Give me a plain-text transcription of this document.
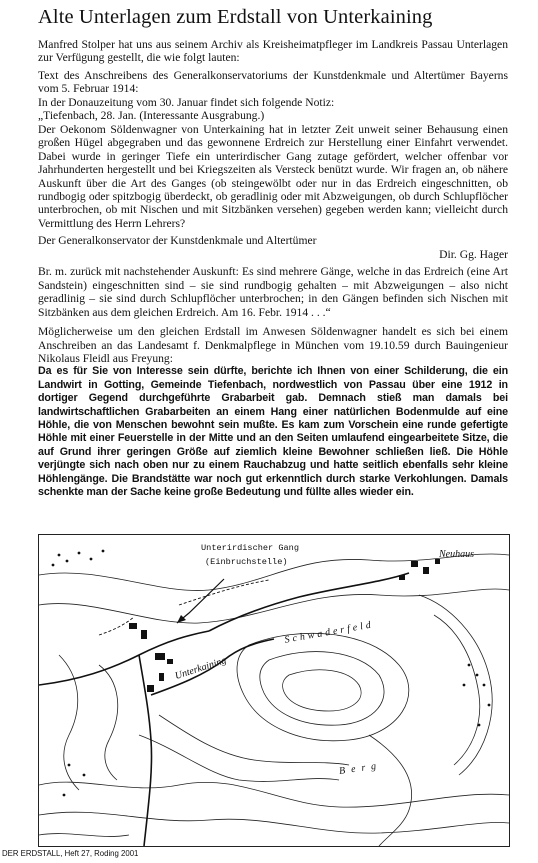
Alte Unterlagen zum Erdstall von Unterkaining

Manfred Stolper hat uns aus seinem Archiv als Kreisheimatpfleger im Landkreis Passau Unterlagen zur Verfügung gestellt, die wie folgt lauten:

Text des Anschreibens des Generalkonservatoriums der Kunstdenkmale und Altertümer Bayerns vom 5. Februar 1914:

In der Donauzeitung vom 30. Januar findet sich folgende Notiz:

„Tiefenbach, 28. Jan. (Interessante Ausgrabung.)

Der Oekonom Söldenwagner von Unterkaining hat in letzter Zeit unweit seiner Behausung einen großen Hügel abgegraben und das gewonnene Erdreich zur Herstellung einer Einfahrt verwendet. Dabei wurde in geringer Tiefe ein unterirdischer Gang zutage gefördert, welcher offenbar vor Jahrhunderten hergestellt und bei Kriegszeiten als Versteck benützt wurde. Wir fragen an, ob nähere Auskunft über die Art des Ganges (ob steingewölbt oder nur in das Erdreich eingeschnitten, ob rundbogig oder spitzbogig überdeckt, ob geradlinig oder mit Abzweigungen, ob durch Schlupflöcher unterbrochen, ob mit Nischen und mit Sitzbänken versehen) gegeben werden kann; vielleicht durch Vermittlung des Herrn Lehrers?

Der Generalkonservator der Kunstdenkmale und Altertümer

Dir. Gg. Hager

Br. m. zurück mit nachstehender Auskunft: Es sind mehrere Gänge, welche in das Erdreich (eine Art Sandstein) eingeschnitten sind – sie sind rundbogig gehalten – mit Abzweigungen – also nicht geradlinig – sie sind durch Schlupflöcher unterbrochen; in den Gängen befinden sich Nischen mit Sitzbänken aus dem gleichen Erdreich. Am 16. Febr. 1914 . . .“

Möglicherweise um den gleichen Erdstall im Anwesen Söldenwagner handelt es sich bei einem Anschreiben an das Landesamt f. Denkmalpflege in München vom 19.10.59 durch Bauingenieur Nikolaus Fleidl aus Freyung:

Da es für Sie von Interesse sein dürfte, berichte ich Ihnen von einer Schilderung, die ein Landwirt in Gotting, Gemeinde Tiefenbach, nordwestlich von Passau über eine 1912 in dortiger Gegend durchgeführte Grabarbeit gab. Demnach stieß man damals bei landwirtschaftlichen Grabarbeiten an einem Hang einer natürlichen Bodenmulde auf eine Höhle, die von Menschen bewohnt sein mußte. Es kam zum Vorschein eine runde gefertigte Höhle mit einer Feuerstelle in der Mitte und an den Seiten umlaufend eingearbeitete Sitze, die auf Grund ihrer geringen Größe auf ziemlich kleine Bewohner schließen ließ. Die Höhle verjüngte sich nach oben nur zu einem Rauchabzug und hatte seitlich ebenfalls sehr kleine Höhlengänge. Die Brandstätte war noch gut erkenntlich durch starke Verkohlungen. Damals schenkte man der Sache keine große Bedeutung und füllte alles wieder ein.

Unterirdischer Gang
(Einbruchstelle)
Unterkaining
Neuhaus
Schwaderfeld
Berg
DER ERDSTALL, Heft 27, Roding 2001
